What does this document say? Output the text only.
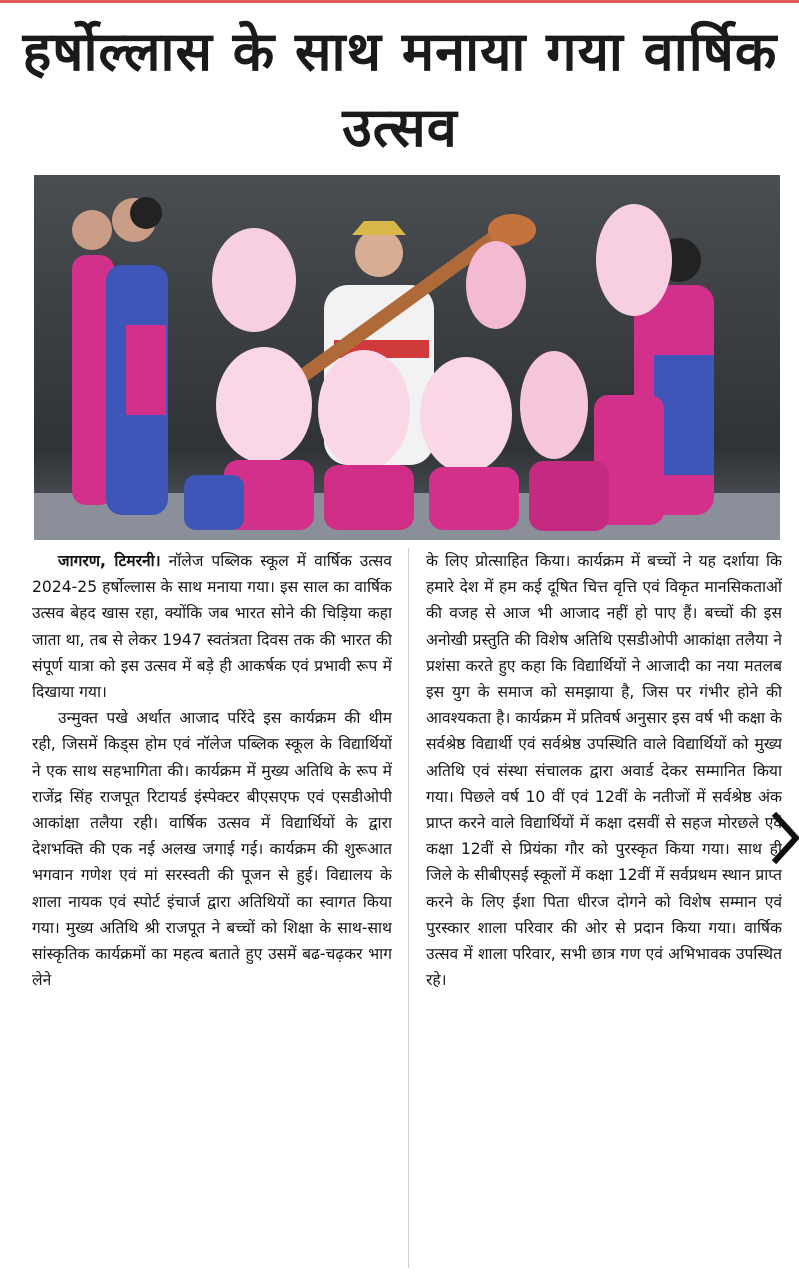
हर्षोल्लास के साथ मनाया गया वार्षिक उत्सव

जागरण, टिमरनी। नॉलेज पब्लिक स्कूल में वार्षिक उत्सव 2024-25 हर्षोल्लास के साथ मनाया गया। इस साल का वार्षिक उत्सव बेहद खास रहा, क्योंकि जब भारत सोने की चिड़िया कहा जाता था, तब से लेकर 1947 स्वतंत्रता दिवस तक की भारत की संपूर्ण यात्रा को इस उत्सव में बड़े ही आकर्षक एवं प्रभावी रूप में दिखाया गया।

उन्मुक्त पखे अर्थात आजाद परिंदे इस कार्यक्रम की थीम रही, जिसमें किड्स होम एवं नॉलेज पब्लिक स्कूल के विद्यार्थियों ने एक साथ सहभागिता की। कार्यक्रम में मुख्य अतिथि के रूप में राजेंद्र सिंह राजपूत रिटायर्ड इंस्पेक्टर बीएसएफ एवं एसडीओपी आकांक्षा तलैया रही। वार्षिक उत्सव में विद्यार्थियों के द्वारा देशभक्ति की एक नई अलख जगाई गई। कार्यक्रम की शुरूआत भगवान गणेश एवं मां सरस्वती की पूजन से हुई। विद्यालय के शाला नायक एवं स्पोर्ट इंचार्ज द्वारा अतिथियों का स्वागत किया गया। मुख्य अतिथि श्री राजपूत ने बच्चों को शिक्षा के साथ-साथ सांस्कृतिक कार्यक्रमों का महत्व बताते हुए उसमें बढ-चढ़कर भाग लेने

के लिए प्रोत्साहित किया। कार्यक्रम में बच्चों ने यह दर्शाया कि हमारे देश में हम कई दूषित चित्त वृत्ति एवं विकृत मानसिकताओं की वजह से आज भी आजाद नहीं हो पाए हैं। बच्चों की इस अनोखी प्रस्तुति की विशेष अतिथि एसडीओपी आकांक्षा तलैया ने प्रशंसा करते हुए कहा कि विद्यार्थियों ने आजादी का नया मतलब इस युग के समाज को समझाया है, जिस पर गंभीर होने की आवश्यकता है। कार्यक्रम में प्रतिवर्ष अनुसार इस वर्ष भी कक्षा के सर्वश्रेष्ठ विद्यार्थी एवं सर्वश्रेष्ठ उपस्थिति वाले विद्यार्थियों को मुख्य अतिथि एवं संस्था संचालक द्वारा अवार्ड देकर सम्मानित किया गया। पिछले वर्ष 10 वीं एवं 12वीं के नतीजों में सर्वश्रेष्ठ अंक प्राप्त करने वाले विद्यार्थियों में कक्षा दसवीं से सहज मोरछले एवं कक्षा 12वीं से प्रियंका गौर को पुरस्कृत किया गया। साथ ही जिले के सीबीएसई स्कूलों में कक्षा 12वीं में सर्वप्रथम स्थान प्राप्त करने के लिए ईशा पिता धीरज दोगने को विशेष सम्मान एवं पुरस्कार शाला परिवार की ओर से प्रदान किया गया। वार्षिक उत्सव में शाला परिवार, सभी छात्र गण एवं अभिभावक उपस्थित रहे।
